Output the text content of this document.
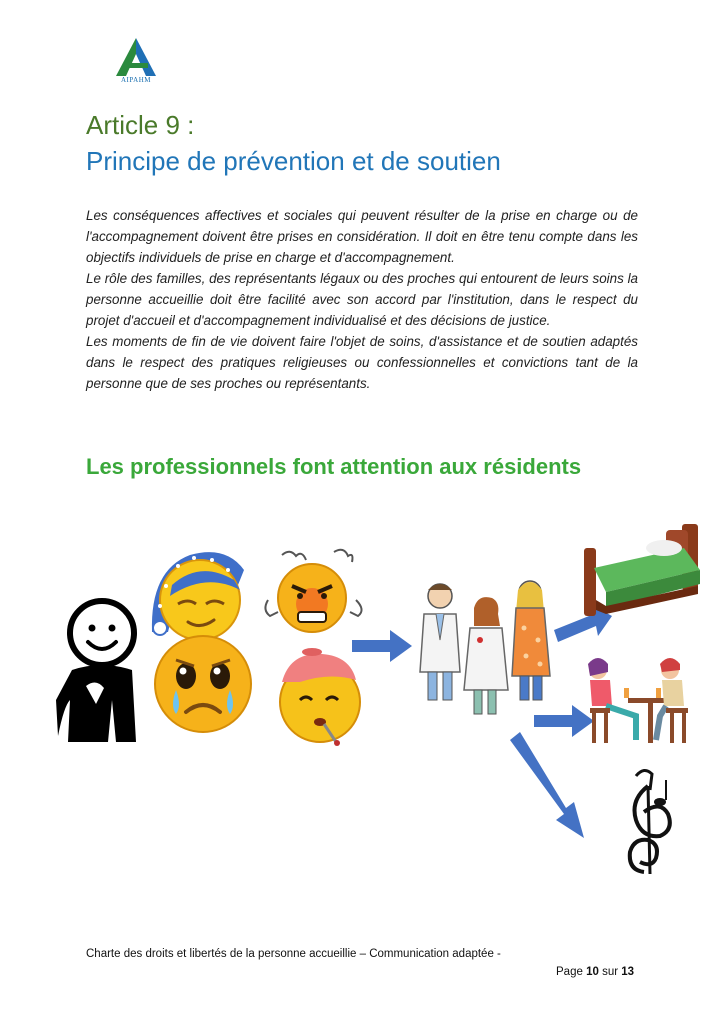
AIPAHM
Article 9 :
Principe de prévention et de soutien

Les conséquences affectives et sociales qui peuvent résulter de la prise en charge ou de l'accompagnement doivent être prises en considération. Il doit en être tenu compte dans les objectifs individuels de prise en charge et d'accompagnement.

Le rôle des familles, des représentants légaux ou des proches qui entourent de leurs soins la personne accueillie doit être facilité avec son accord par l'institution, dans le respect du projet d'accueil et d'accompagnement individualisé et des décisions de justice.

Les moments de fin de vie doivent faire l'objet de soins, d'assistance et de soutien adaptés dans le respect des pratiques religieuses ou confessionnelles et convictions tant de la personne que de ses proches ou représentants.

Les professionnels font attention aux résidents
Charte des droits et libertés de la personne accueillie – Communication adaptée -
Page 10 sur 13
